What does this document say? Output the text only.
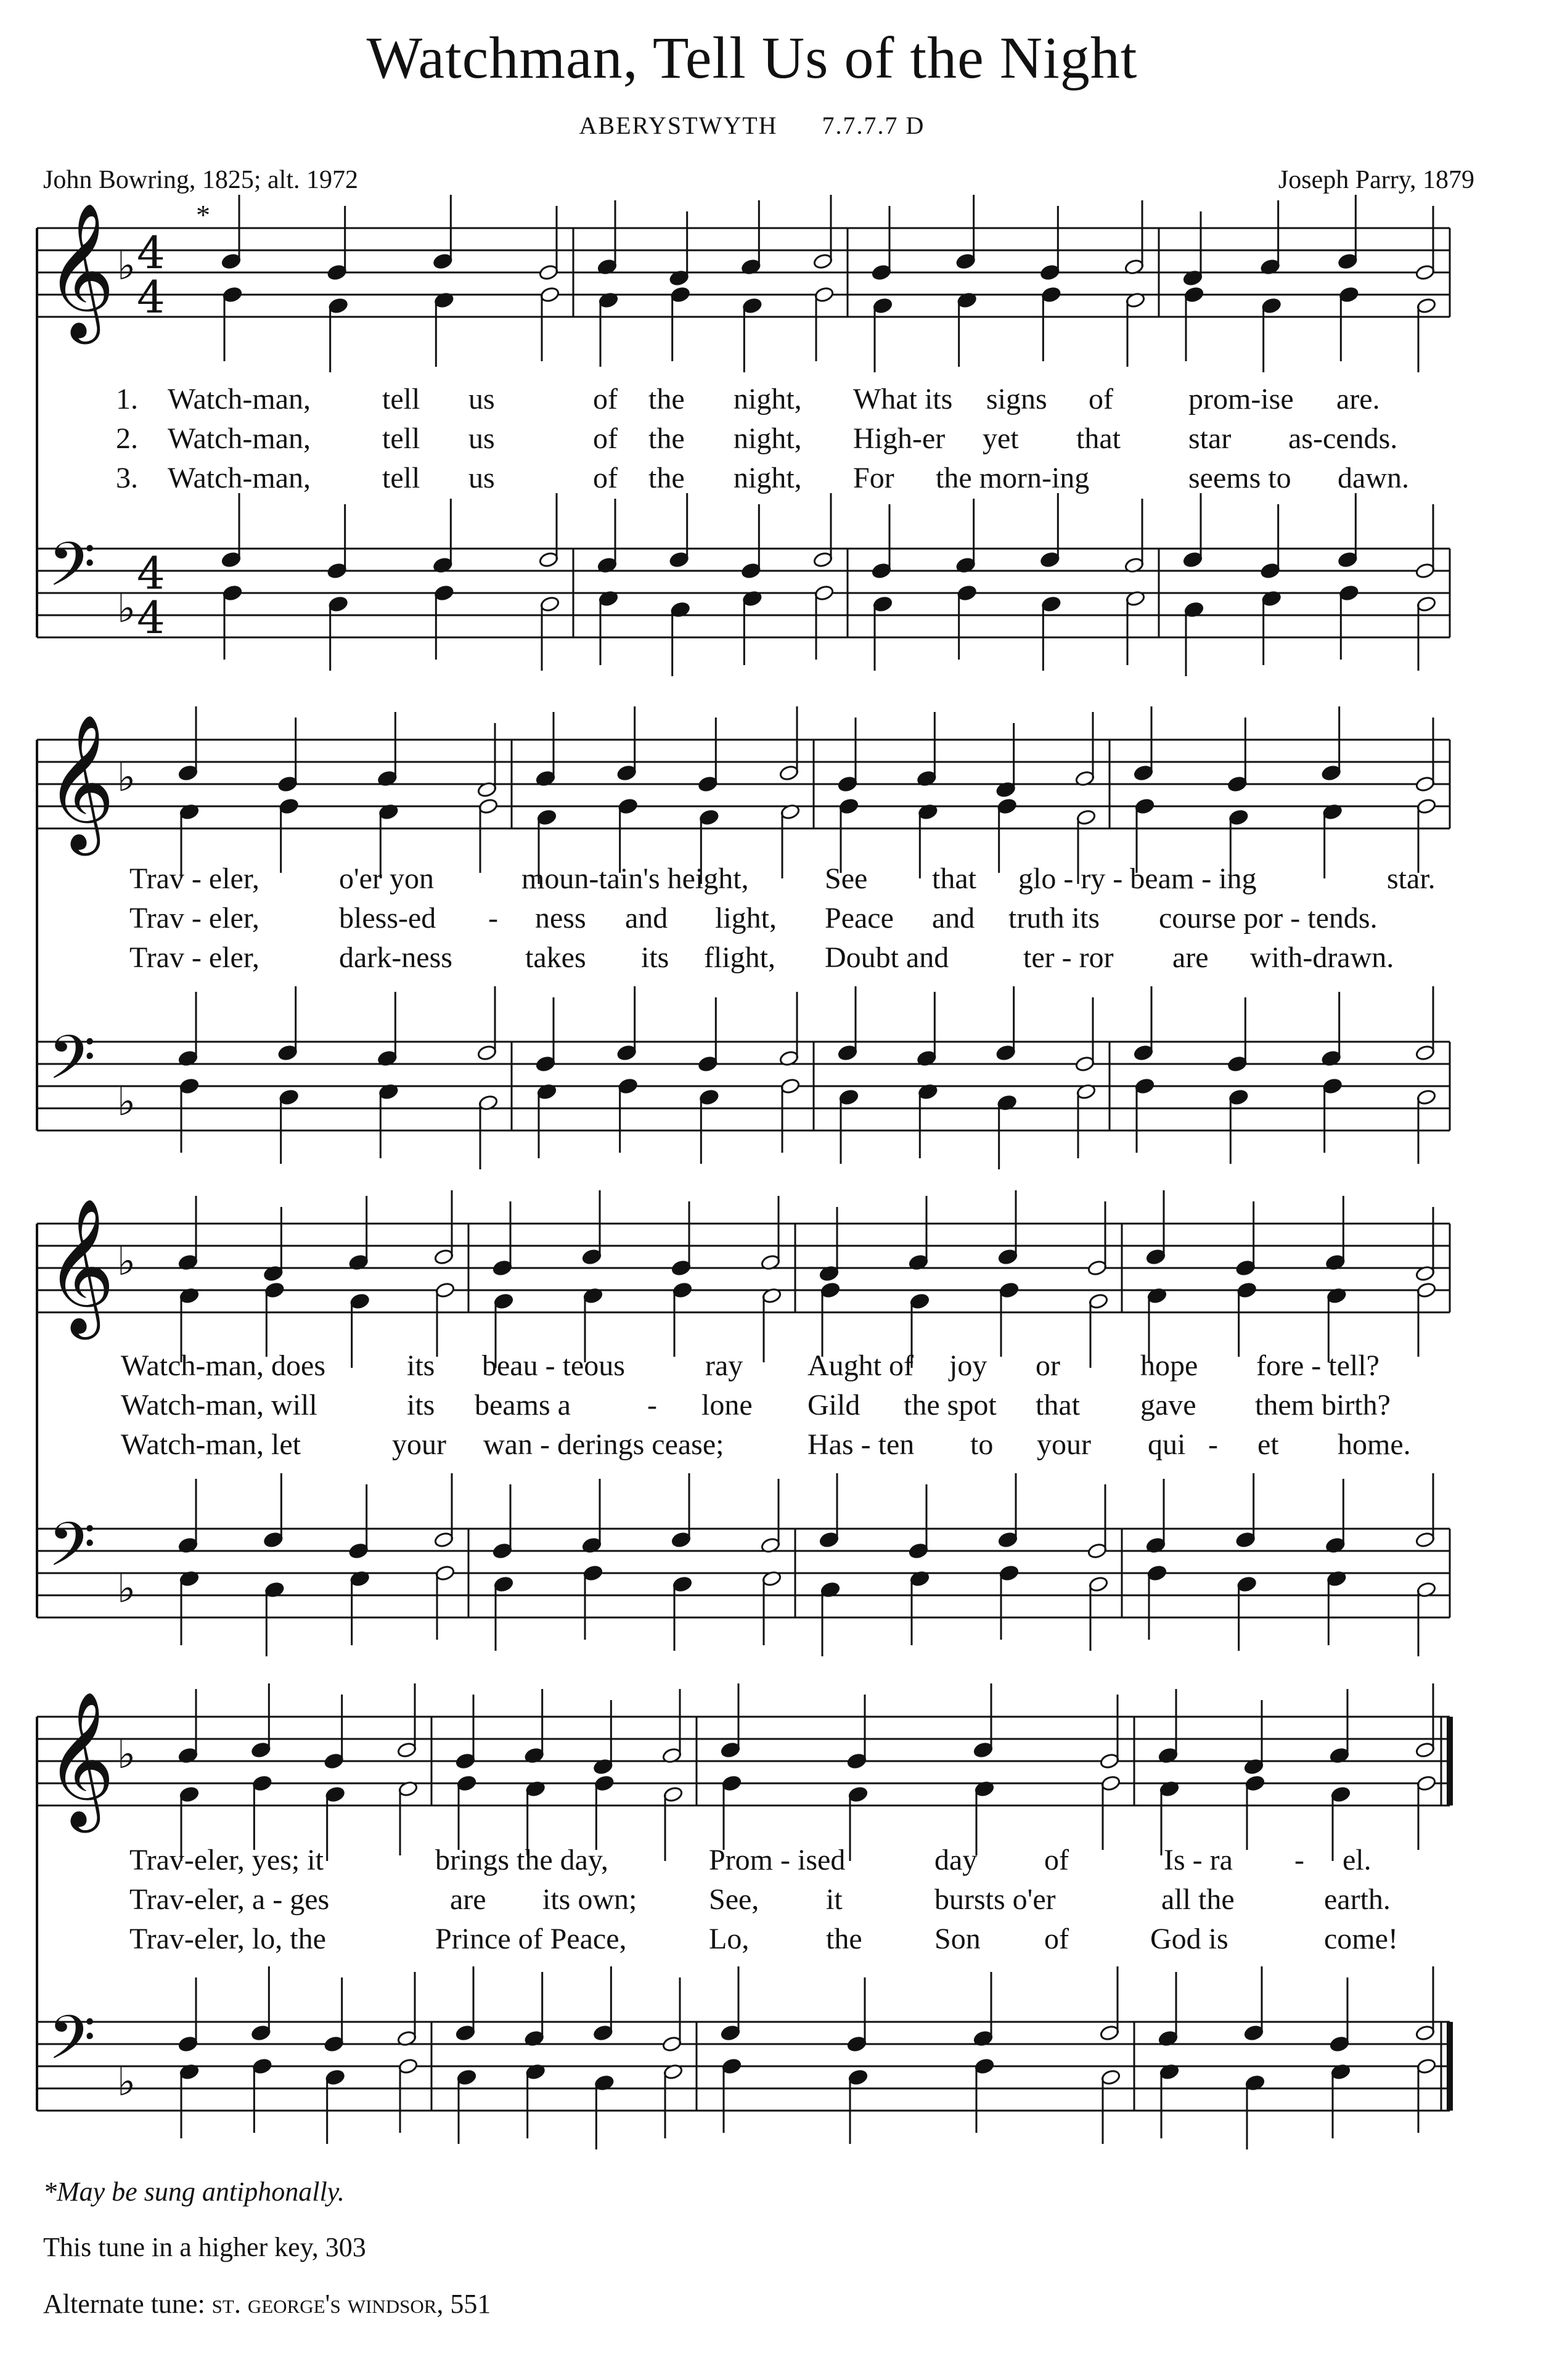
Watchman, Tell Us of the Night
ABERYSTWYTH 7.7.7.7 D
John Bowring, 1825; alt. 1972	Joseph Parry, 1879
*
𝄞
𝄢
♭
♭
4
4
4
4
𝄞
𝄢
♭
♭
𝄞
𝄢
♭
♭
𝄞
𝄢
♭
♭
1. Watch-man, tell us	of the night, What its signs of	prom-ise are.
2. Watch-man, tell us	of the night, High-er yet that star as-cends.
3. Watch-man, tell us	of the night, For the morn-ing	seems to dawn.
Trav - eler,	o'er yon	moun-tain's height,	See that glo - ry - beam - ing	star.
Trav - eler,	bless-ed - ness and light, Peace and truth its course por - tends.
Trav - eler,	dark-ness takes its flight, Doubt and	ter - ror are with-drawn.
Watch-man, does	its beau - teous	ray Aught of joy or	hope fore - tell?
Watch-man, will	its beams a	- lone Gild the spot that gave them birth?
Watch-man, let	your wan - derings cease;	Has - ten to your qui - et home.
Trav-eler, yes; it	brings the day,	Prom - ised	day of	Is - ra - el.
Trav-eler, a - ges	are its own; See, it	bursts o'er	all the	earth.
Trav-eler, lo, the	Prince of Peace,	Lo,	the Son of	God is	come!
*May be sung antiphonally.
This tune in a higher key, 303
Alternate tune: st. george's windsor, 551
